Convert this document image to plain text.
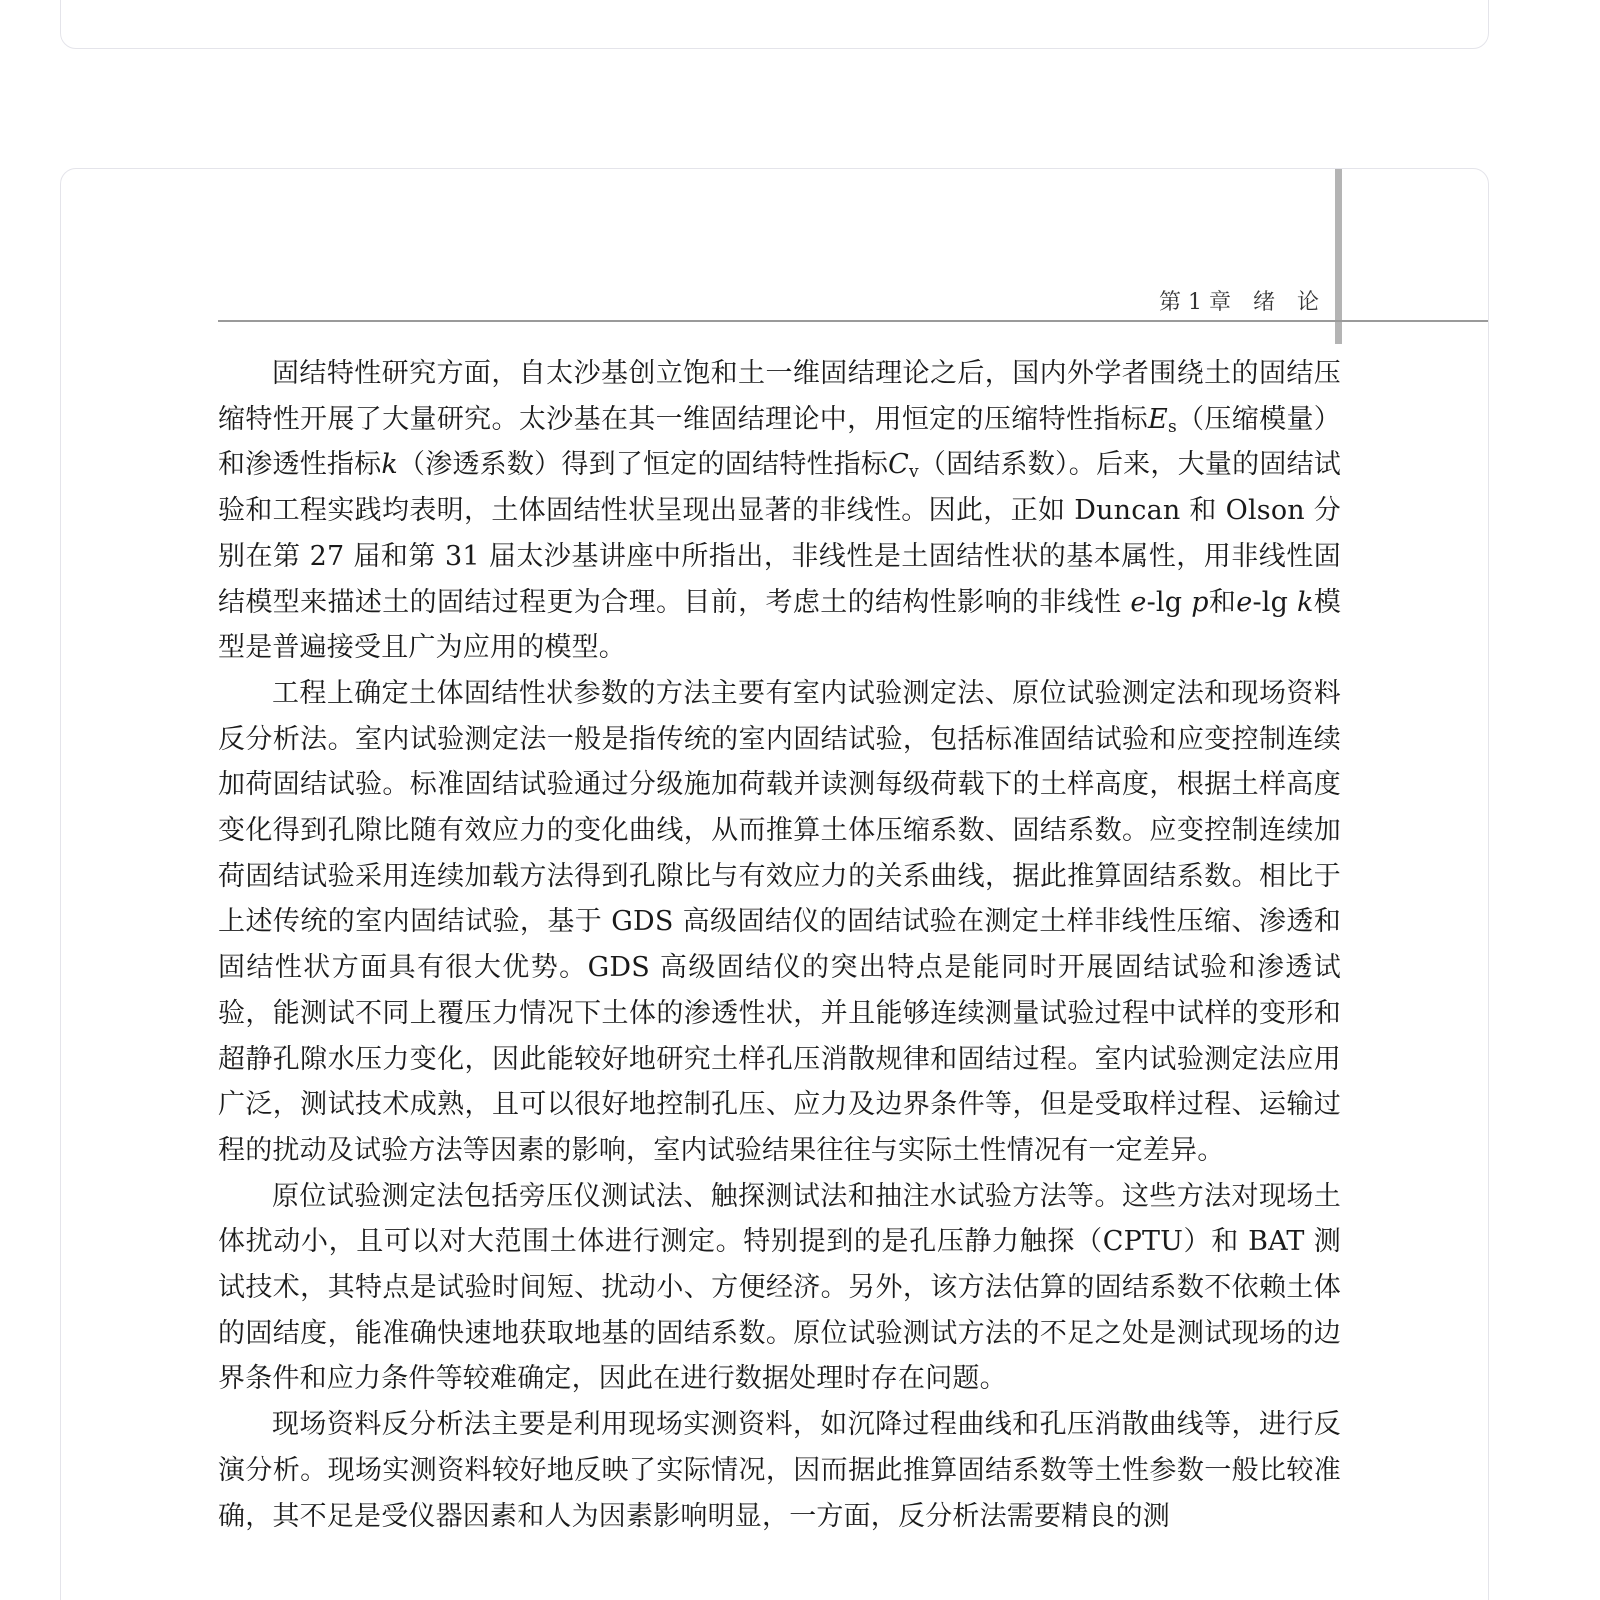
第 1 章　绪　论

固结特性研究方面，自太沙基创立饱和土一维固结理论之后，国内外学者围绕土的固结压缩特性开展了大量研究。太沙基在其一维固结理论中，用恒定的压缩特性指标$E_s$（压缩模量）和渗透性指标k（渗透系数）得到了恒定的固结特性指标$C_v$（固结系数）。后来，大量的固结试验和工程实践均表明，土体固结性状呈现出显著的非线性。因此，正如 Duncan 和 Olson 分别在第 27 届和第 31 届太沙基讲座中所指出，非线性是土固结性状的基本属性，用非线性固结模型来描述土的固结过程更为合理。目前，考虑土的结构性影响的非线性 e-lg p和e-lg k模型是普遍接受且广为应用的模型。

工程上确定土体固结性状参数的方法主要有室内试验测定法、原位试验测定法和现场资料反分析法。室内试验测定法一般是指传统的室内固结试验，包括标准固结试验和应变控制连续加荷固结试验。标准固结试验通过分级施加荷载并读测每级荷载下的土样高度，根据土样高度变化得到孔隙比随有效应力的变化曲线，从而推算土体压缩系数、固结系数。应变控制连续加荷固结试验采用连续加载方法得到孔隙比与有效应力的关系曲线，据此推算固结系数。相比于上述传统的室内固结试验，基于 GDS 高级固结仪的固结试验在测定土样非线性压缩、渗透和固结性状方面具有很大优势。GDS 高级固结仪的突出特点是能同时开展固结试验和渗透试验，能测试不同上覆压力情况下土体的渗透性状，并且能够连续测量试验过程中试样的变形和超静孔隙水压力变化，因此能较好地研究土样孔压消散规律和固结过程。室内试验测定法应用广泛，测试技术成熟，且可以很好地控制孔压、应力及边界条件等，但是受取样过程、运输过程的扰动及试验方法等因素的影响，室内试验结果往往与实际土性情况有一定差异。

原位试验测定法包括旁压仪测试法、触探测试法和抽注水试验方法等。这些方法对现场土体扰动小，且可以对大范围土体进行测定。特别提到的是孔压静力触探（CPTU）和 BAT 测试技术，其特点是试验时间短、扰动小、方便经济。另外，该方法估算的固结系数不依赖土体的固结度，能准确快速地获取地基的固结系数。原位试验测试方法的不足之处是测试现场的边界条件和应力条件等较难确定，因此在进行数据处理时存在问题。

现场资料反分析法主要是利用现场实测资料，如沉降过程曲线和孔压消散曲线等，进行反演分析。现场实测资料较好地反映了实际情况，因而据此推算固结系数等土性参数一般比较准确，其不足是受仪器因素和人为因素影响明显，一方面，反分析法需要精良的测
